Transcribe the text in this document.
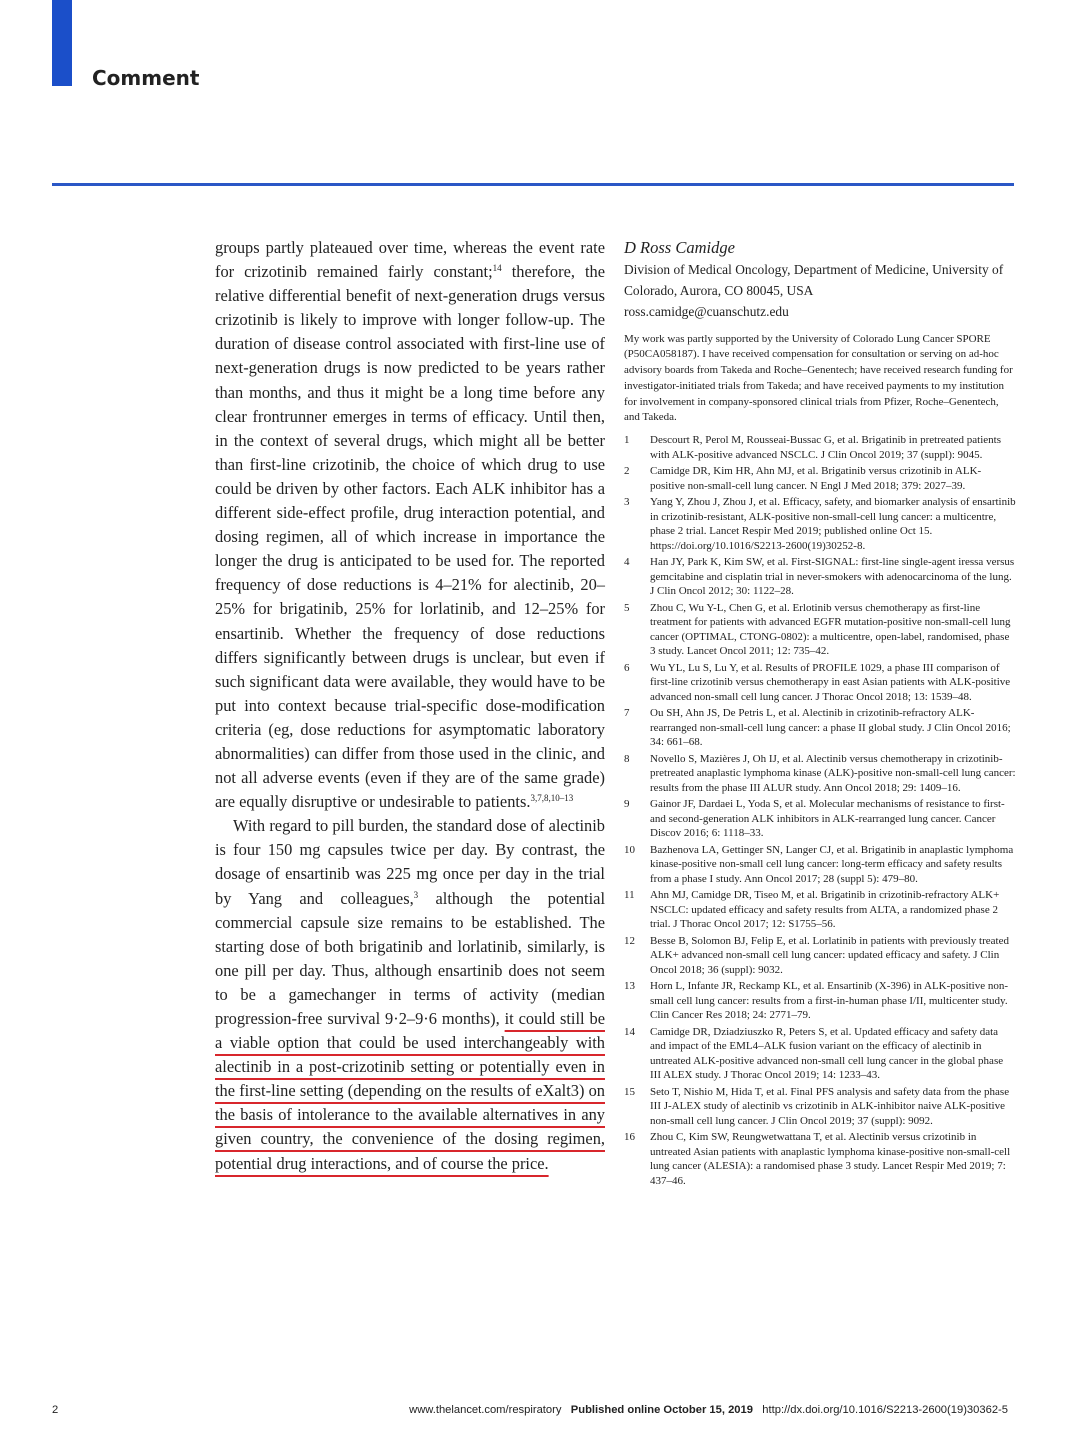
Comment

groups partly plateaued over time, whereas the event rate for crizotinib remained fairly constant;$^{14}$ therefore, the relative differential benefit of next-generation drugs versus crizotinib is likely to improve with longer follow-up. The duration of disease control associated with first-line use of next-generation drugs is now predicted to be years rather than months, and thus it might be a long time before any clear frontrunner emerges in terms of efficacy. Until then, in the context of several drugs, which might all be better than first-line crizotinib, the choice of which drug to use could be driven by other factors. Each ALK inhibitor has a different side-effect profile, drug interaction potential, and dosing regimen, all of which increase in importance the longer the drug is anticipated to be used for. The reported frequency of dose reductions is 4–21% for alectinib, 20–25% for brigatinib, 25% for lorlatinib, and 12–25% for ensartinib. Whether the frequency of dose reductions differs significantly between drugs is unclear, but even if such significant data were available, they would have to be put into context because trial-specific dose-modification criteria (eg, dose reductions for asymptomatic laboratory abnormalities) can differ from those used in the clinic, and not all adverse events (even if they are of the same grade) are equally disruptive or undesirable to patients.$^{3,7,8,10-13}$

With regard to pill burden, the standard dose of alectinib is four 150 mg capsules twice per day. By contrast, the dosage of ensartinib was 225 mg once per day in the trial by Yang and colleagues,$^3$ although the potential commercial capsule size remains to be established. The starting dose of both brigatinib and lorlatinib, similarly, is one pill per day. Thus, although ensartinib does not seem to be a gamechanger in terms of activity (median progression-free survival 9·2–9·6 months), it could still be a viable option that could be used interchangeably with alectinib in a post-crizotinib setting or potentially even in the first-line setting (depending on the results of eXalt3) on the basis of intolerance to the available alternatives in any given country, the convenience of the dosing regimen, potential drug interactions, and of course the price.

D Ross Camidge
Division of Medical Oncology, Department of Medicine, University of Colorado, Aurora, CO 80045, USA
ross.camidge@cuanschutz.edu
My work was partly supported by the University of Colorado Lung Cancer SPORE (P50CA058187). I have received compensation for consultation or serving on ad-hoc advisory boards from Takeda and Roche–Genentech; have received research funding for investigator-initiated trials from Takeda; and have received payments to my institution for involvement in company-sponsored clinical trials from Pfizer, Roche–Genentech, and Takeda.
1	Descourt R, Perol M, Rousseai-Bussac G, et al. Brigatinib in pretreated patients with ALK-positive advanced NSCLC. J Clin Oncol 2019; 37 (suppl): 9045.
2	Camidge DR, Kim HR, Ahn MJ, et al. Brigatinib versus crizotinib in ALK-positive non-small-cell lung cancer. N Engl J Med 2018; 379: 2027–39.
3	Yang Y, Zhou J, Zhou J, et al. Efficacy, safety, and biomarker analysis of ensartinib in crizotinib-resistant, ALK-positive non-small-cell lung cancer: a multicentre, phase 2 trial. Lancet Respir Med 2019; published online Oct 15. https://doi.org/10.1016/S2213-2600(19)30252-8.
4	Han JY, Park K, Kim SW, et al. First-SIGNAL: first-line single-agent iressa versus gemcitabine and cisplatin trial in never-smokers with adenocarcinoma of the lung. J Clin Oncol 2012; 30: 1122–28.
5	Zhou C, Wu Y-L, Chen G, et al. Erlotinib versus chemotherapy as first-line treatment for patients with advanced EGFR mutation-positive non-small-cell lung cancer (OPTIMAL, CTONG-0802): a multicentre, open-label, randomised, phase 3 study. Lancet Oncol 2011; 12: 735–42.
6	Wu YL, Lu S, Lu Y, et al. Results of PROFILE 1029, a phase III comparison of first-line crizotinib versus chemotherapy in east Asian patients with ALK-positive advanced non-small cell lung cancer. J Thorac Oncol 2018; 13: 1539–48.
7	Ou SH, Ahn JS, De Petris L, et al. Alectinib in crizotinib-refractory ALK-rearranged non-small-cell lung cancer: a phase II global study. J Clin Oncol 2016; 34: 661–68.
8	Novello S, Mazières J, Oh IJ, et al. Alectinib versus chemotherapy in crizotinib-pretreated anaplastic lymphoma kinase (ALK)-positive non-small-cell lung cancer: results from the phase III ALUR study. Ann Oncol 2018; 29: 1409–16.
9	Gainor JF, Dardaei L, Yoda S, et al. Molecular mechanisms of resistance to first- and second-generation ALK inhibitors in ALK-rearranged lung cancer. Cancer Discov 2016; 6: 1118–33.
10	Bazhenova LA, Gettinger SN, Langer CJ, et al. Brigatinib in anaplastic lymphoma kinase-positive non-small cell lung cancer: long-term efficacy and safety results from a phase I study. Ann Oncol 2017; 28 (suppl 5): 479–80.
11	Ahn MJ, Camidge DR, Tiseo M, et al. Brigatinib in crizotinib-refractory ALK+ NSCLC: updated efficacy and safety results from ALTA, a randomized phase 2 trial. J Thorac Oncol 2017; 12: S1755–56.
12	Besse B, Solomon BJ, Felip E, et al. Lorlatinib in patients with previously treated ALK+ advanced non-small cell lung cancer: updated efficacy and safety. J Clin Oncol 2018; 36 (suppl): 9032.
13	Horn L, Infante JR, Reckamp KL, et al. Ensartinib (X-396) in ALK-positive non-small cell lung cancer: results from a first-in-human phase I/II, multicenter study. Clin Cancer Res 2018; 24: 2771–79.
14	Camidge DR, Dziadziuszko R, Peters S, et al. Updated efficacy and safety data and impact of the EML4–ALK fusion variant on the efficacy of alectinib in untreated ALK-positive advanced non-small cell lung cancer in the global phase III ALEX study. J Thorac Oncol 2019; 14: 1233–43.
15	Seto T, Nishio M, Hida T, et al. Final PFS analysis and safety data from the phase III J-ALEX study of alectinib vs crizotinib in ALK-inhibitor naive ALK-positive non-small cell lung cancer. J Clin Oncol 2019; 37 (suppl): 9092.
16	Zhou C, Kim SW, Reungwetwattana T, et al. Alectinib versus crizotinib in untreated Asian patients with anaplastic lymphoma kinase-positive non-small-cell lung cancer (ALESIA): a randomised phase 3 study. Lancet Respir Med 2019; 7: 437–46.
2	www.thelancet.com/respiratory Published online October 15, 2019 http://dx.doi.org/10.1016/S2213-2600(19)30362-5
